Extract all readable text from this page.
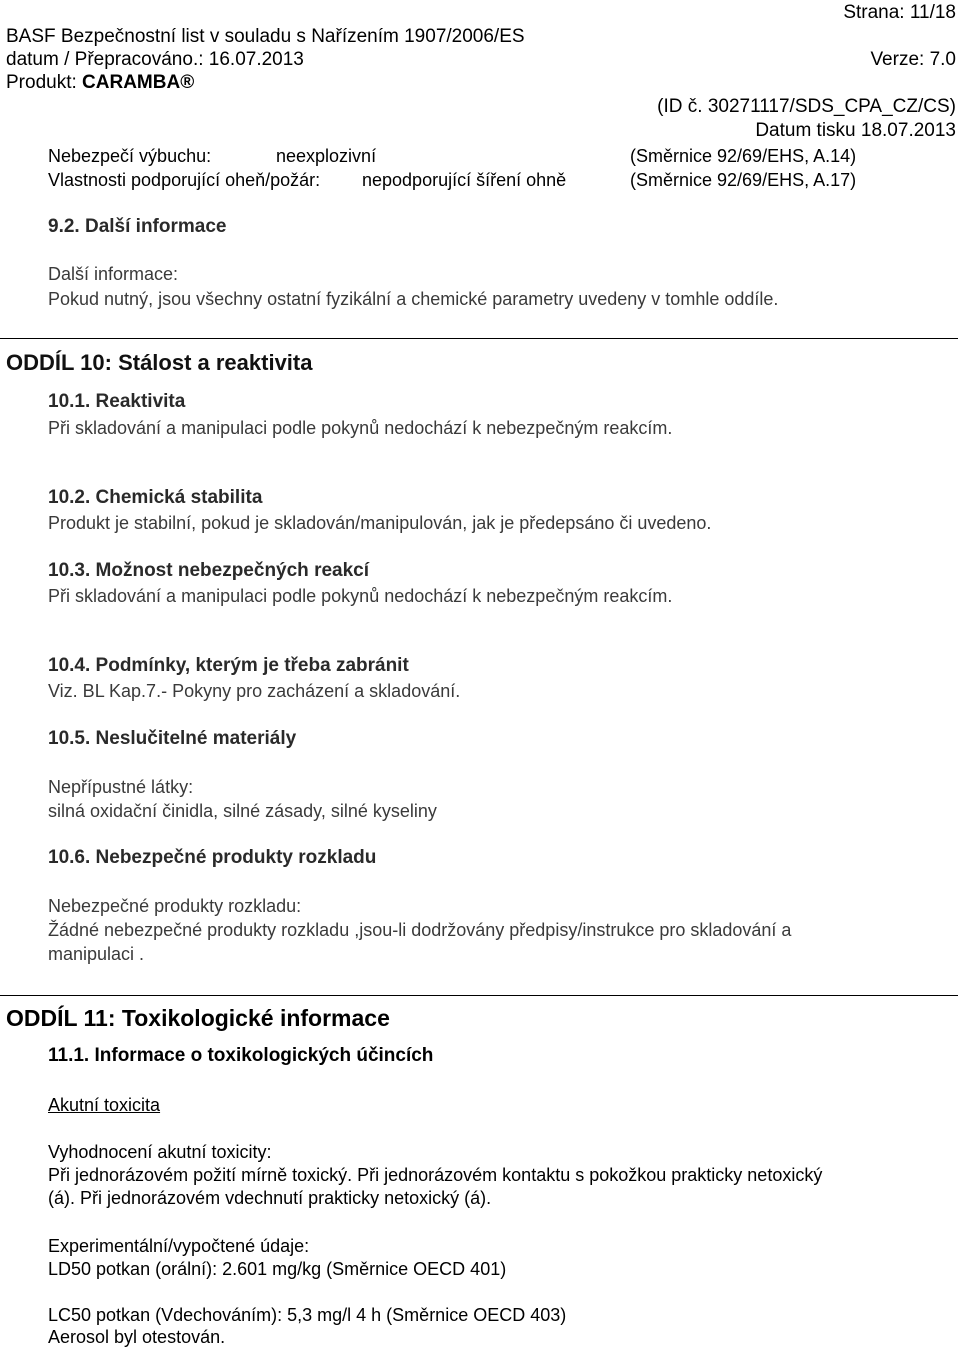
Strana: 11/18
BASF Bezpečnostní list v souladu s Nařízením 1907/2006/ES
datum / Přepracováno.: 16.07.2013	Verze: 7.0
Produkt: CARAMBA®
(ID č. 30271117/SDS_CPA_CZ/CS)
Datum tisku 18.07.2013
Nebezpečí výbuchu:	neexplozivní	(Směrnice 92/69/EHS, A.14)
Vlastnosti podporující oheň/požár: nepodporující šíření ohně	(Směrnice 92/69/EHS, A.17)
9.2. Další informace
Další informace:
Pokud nutný, jsou všechny ostatní fyzikální a chemické parametry uvedeny v tomhle oddíle.
ODDÍL 10: Stálost a reaktivita
10.1. Reaktivita
Při skladování a manipulaci podle pokynů nedochází k nebezpečným reakcím.
10.2. Chemická stabilita
Produkt je stabilní, pokud je skladován/manipulován, jak je předepsáno či uvedeno.
10.3. Možnost nebezpečných reakcí
Při skladování a manipulaci podle pokynů nedochází k nebezpečným reakcím.
10.4. Podmínky, kterým je třeba zabránit
Viz. BL Kap.7.- Pokyny pro zacházení a skladování.
10.5. Neslučitelné materiály
Nepřípustné látky:
silná oxidační činidla, silné zásady, silné kyseliny
10.6. Nebezpečné produkty rozkladu
Nebezpečné produkty rozkladu:
Žádné nebezpečné produkty rozkladu ,jsou-li dodržovány předpisy/instrukce pro skladování a
manipulaci .
ODDÍL 11: Toxikologické informace
11.1. Informace o toxikologických účincích
Akutní toxicita
Vyhodnocení akutní toxicity:
Při jednorázovém požití mírně toxický. Při jednorázovém kontaktu s pokožkou prakticky netoxický
(á). Při jednorázovém vdechnutí prakticky netoxický (á).
Experimentální/vypočtené údaje:
LD50 potkan (orální): 2.601 mg/kg (Směrnice OECD 401)
LC50 potkan (Vdechováním): 5,3 mg/l 4 h (Směrnice OECD 403)
Aerosol byl otestován.
